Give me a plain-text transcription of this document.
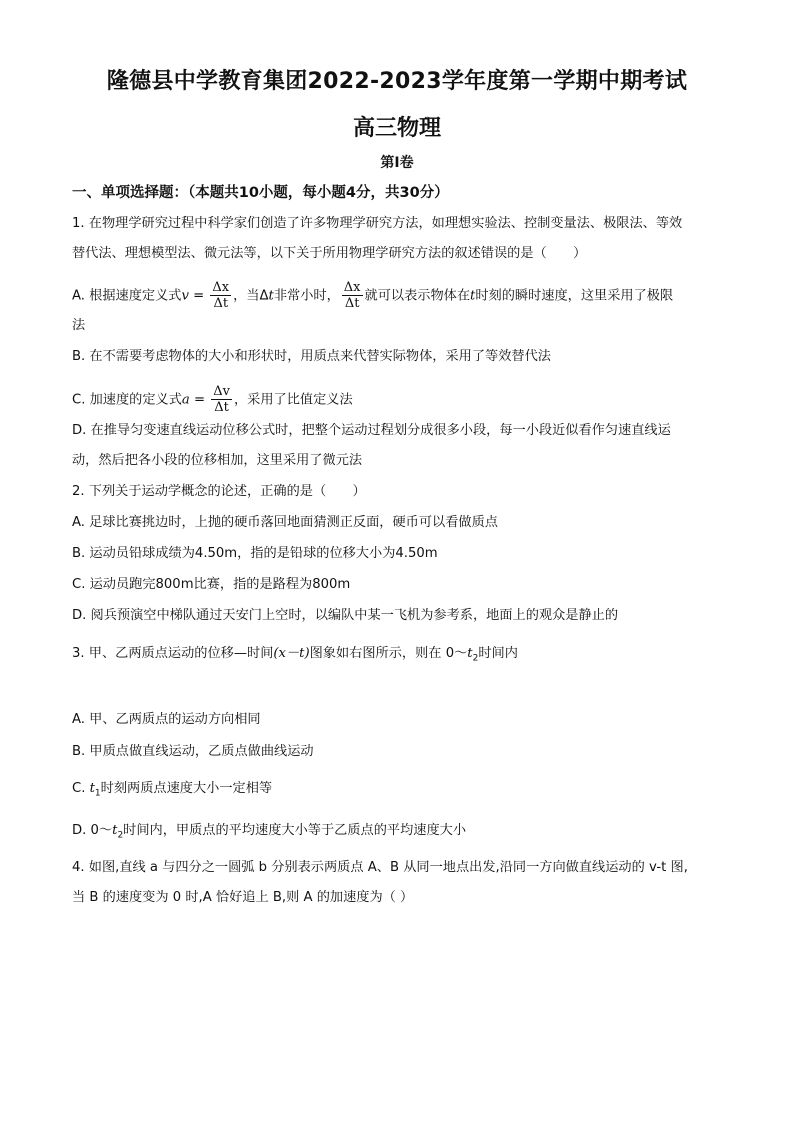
隆德县中学教育集团2022-2023学年度第一学期中期考试
高三物理
第Ⅰ卷
一、单项选择题：（本题共10小题，每小题4分，共30分）
1. 在物理学研究过程中科学家们创造了许多物理学研究方法，如理想实验法、控制变量法、极限法、等效
替代法、理想模型法、微元法等，以下关于所用物理学研究方法的叙述错误的是（　　）
A. 根据速度定义式$v = \frac{\Delta x}{\Delta t}$ ，当Δt非常小时， $\frac{\Delta x}{\Delta t}$ 就可以表示物体在t时刻的瞬时速度，这里采用了极限
法
B. 在不需要考虑物体的大小和形状时，用质点来代替实际物体，采用了等效替代法
C. 加速度的定义式$a = \frac{\Delta v}{\Delta t}$ ，采用了比值定义法
D. 在推导匀变速直线运动位移公式时，把整个运动过程划分成很多小段，每一小段近似看作匀速直线运
动，然后把各小段的位移相加，这里采用了微元法
2. 下列关于运动学概念的论述，正确的是（　　）
A. 足球比赛挑边时，上抛的硬币落回地面猜测正反面，硬币可以看做质点
B. 运动员铅球成绩为4.50m，指的是铅球的位移大小为4.50m
C. 运动员跑完800m比赛，指的是路程为800m
D. 阅兵预演空中梯队通过天安门上空时，以编队中某一飞机为参考系，地面上的观众是静止的
3. 甲、乙两质点运动的位移—时间(x－t)图象如右图所示，则在 $0\sim t_2$时间内
A. 甲、乙两质点的运动方向相同
B. 甲质点做直线运动，乙质点做曲线运动
C. $t_1$时刻两质点速度大小一定相等
D. $0\sim t_2$时间内，甲质点的平均速度大小等于乙质点的平均速度大小
4. 如图,直线 a 与四分之一圆弧 b 分别表示两质点 A、B 从同一地点出发,沿同一方向做直线运动的 v-t 图,
当 B 的速度变为 0 时,A 恰好追上 B,则 A 的加速度为（ ）
